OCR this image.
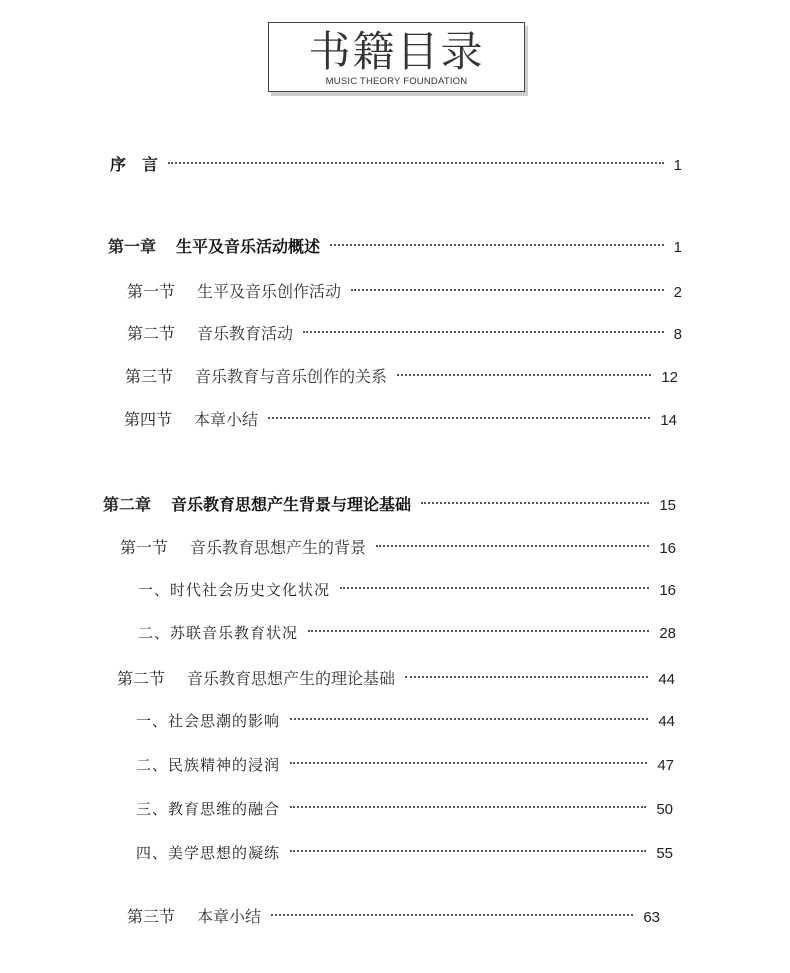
书籍目录
MUSIC THEORY FOUNDATION
序　言	1
第一章 生平及音乐活动概述	1
第一节 生平及音乐创作活动	2
第二节 音乐教育活动	8
第三节 音乐教育与音乐创作的关系	12
第四节 本章小结	14
第二章 音乐教育思想产生背景与理论基础	15
第一节 音乐教育思想产生的背景	16
一、时代社会历史文化状况	16
二、苏联音乐教育状况	28
第二节 音乐教育思想产生的理论基础	44
一、社会思潮的影响	44
二、民族精神的浸润	47
三、教育思维的融合	50
四、美学思想的凝练	55
第三节 本章小结	63
